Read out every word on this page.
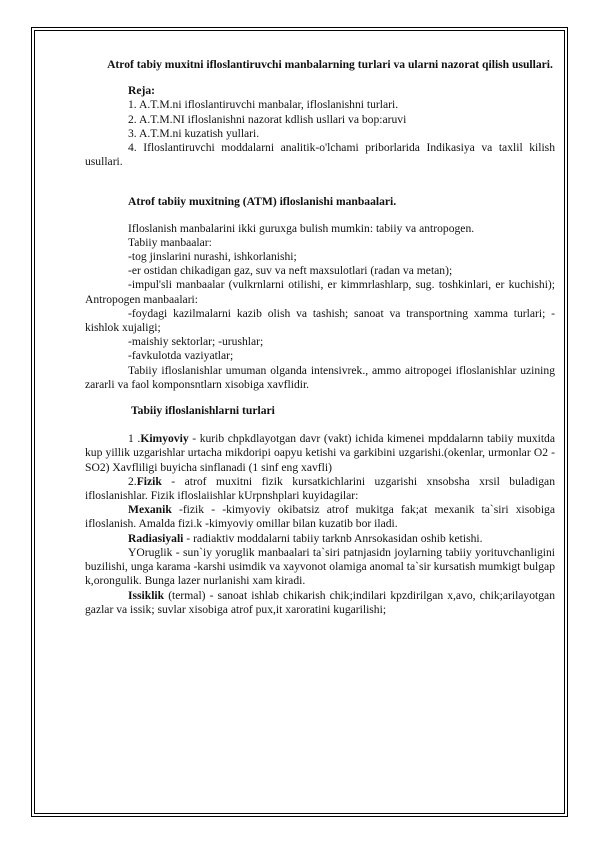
Atrof tabiy muxitni ifloslantiruvchi manbalarning turlari va ularni nazorat qilish usullari.

Reja:

1. A.T.M.ni ifloslantiruvchi manbalar, ifloslanishni turlari.

2. A.T.M.NI ifloslanishni nazorat kdlish usllari va bop:aruvi

3. A.T.M.ni kuzatish yullari.

4. Ifloslantiruvchi moddalarni analitik-o'lchami priborlarida Indikasiya va taxlil kilish usullari.

Atrof tabiiy muxitning (ATM) ifloslanishi manbaalari.

Ifloslanish manbalarini ikki guruxga bulish mumkin: tabiiy va antropogen.

Tabiiy manbaalar:

-tog jinslarini nurashi, ishkorlanishi;

-er ostidan chikadigan gaz, suv va neft maxsulotlari (radan va metan);

-impul'sli manbaalar (vulkrnlarni otilishi, er kimmrlashlarp, sug. toshkinlari, er kuchishi); Antropogen manbaalari:

-foydagi kazilmalarni kazib olish va tashish; sanoat va transportning xamma turlari; -kishlok xujaligi;

-maishiy sektorlar; -urushlar;

-favkulotda vaziyatlar;

Tabiiy ifloslanishlar umuman olganda intensivrek., ammo aitropogei ifloslanishlar uzining zararli va faol komponsntlarn xisobiga xavflidir.

Tabiiy ifloslanishlarni turlari

1 .Kimyoviy - kurib chpkdlayotgan davr (vakt) ichida kimenei mpddalarnn tabiiy muxitda kup yillik uzgarishlar urtacha mikdoripi oapyu ketishi va garkibini uzgarishi.(okenlar, urmonlar O2 -SO2) Xavfliligi buyicha sinflanadi (1 sinf eng xavfli)

2.Fizik - atrof muxitni fizik kursatkichlarini uzgarishi xnsobsha xrsil buladigan ifloslanishlar. Fizik ifloslaiishlar kUrpnshplari kuyidagilar:

Mexanik -fizik - -kimyoviy okibatsiz atrof mukitga fak;at mexanik ta`siri xisobiga ifloslanish. Amalda fizi.k -kimyoviy omillar bilan kuzatib bor iladi.

Radiasiyali - radiaktiv moddalarni tabiiy tarknb Anrsokasidan oshib ketishi.

YOruglik - sun`iy yoruglik manbaalari ta`siri patnjasidn joylarning tabiiy yorituvchanligini buzilishi, unga karama -karshi usimdik va xayvonot olamiga anomal ta`sir kursatish mumkigt bulgap k,orongulik. Bunga lazer nurlanishi xam kiradi.

Issiklik (termal) - sanoat ishlab chikarish chik;indilari kpzdirilgan x,avo, chik;arilayotgan gazlar va issik; suvlar xisobiga atrof pux,it xaroratini kugarilishi;
